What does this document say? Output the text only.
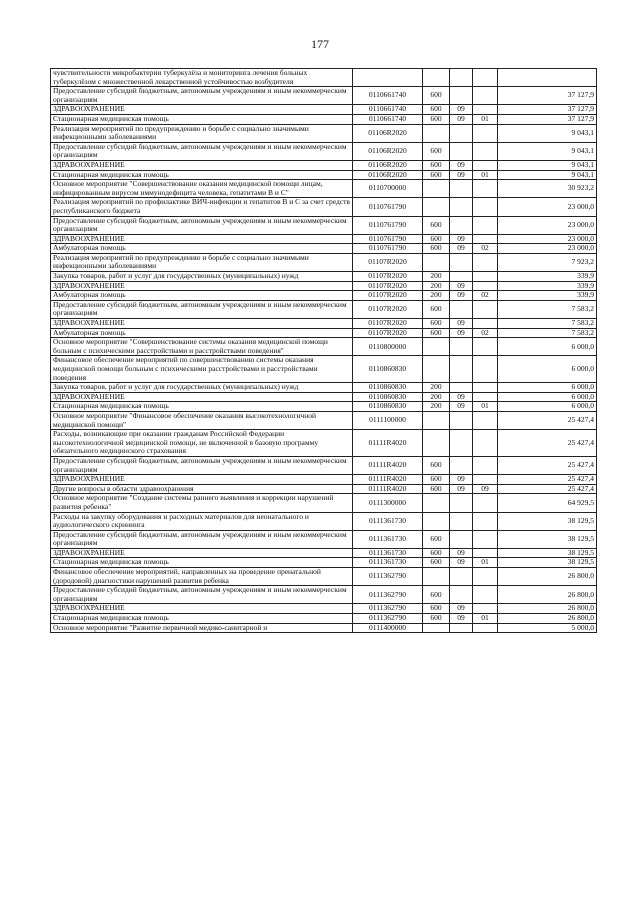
177
чувствительности микробактерии туберкулёза и мониторинга лечения больных туберкулёзом с множественной лекарственной устойчивостью возбудителя					
Предоставление субсидий бюджетным, автономным учреждениям и иным некоммерческим организациям	0110661740	600			37 127,9
ЗДРАВООХРАНЕНИЕ	0110661740	600	09		37 127,9
Стационарная медицинская помощь	0110661740	600	09	01	37 127,9
Реализация мероприятий по предупреждению и борьбе с социально значимыми инфекционными заболеваниями	01106R2020				9 043,1
Предоставление субсидий бюджетным, автономным учреждениям и иным некоммерческим организациям	01106R2020	600			9 043,1
ЗДРАВООХРАНЕНИЕ	01106R2020	600	09		9 043,1
Стационарная медицинская помощь	01106R2020	600	09	01	9 043,1
Основное мероприятие "Совершенствование оказания медицинской помощи лицам, инфицированным вирусом иммунодефицита человека, гепатитами В и С"	0110700000				30 923,2
Реализация мероприятий по профилактике ВИЧ-инфекции и гепатитов В и С за счет средств республиканского бюджета	0110761790				23 000,0
Предоставление субсидий бюджетным, автономным учреждениям и иным некоммерческим организациям	0110761790	600			23 000,0
ЗДРАВООХРАНЕНИЕ	0110761790	600	09		23 000,0
Амбулаторная помощь	0110761790	600	09	02	23 000,0
Реализация мероприятий по предупреждению и борьбе с социально значимыми инфекционными заболеваниями	01107R2020				7 923,2
Закупка товаров, работ и услуг для государственных (муниципальных) нужд	01107R2020	200			339,9
ЗДРАВООХРАНЕНИЕ	01107R2020	200	09		339,9
Амбулаторная помощь	01107R2020	200	09	02	339,9
Предоставление субсидий бюджетным, автономным учреждениям и иным некоммерческим организациям	01107R2020	600			7 583,2
ЗДРАВООХРАНЕНИЕ	01107R2020	600	09		7 583,2
Амбулаторная помощь	01107R2020	600	09	02	7 583,2
Основное мероприятие "Совершенствование системы оказания медицинской помощи больным с психическими расстройствами и расстройствами поведения"	0110800000				6 000,0
Финансовое обеспечение мероприятий по совершенствованию системы оказания медицинской помощи больным с психическими расстройствами и расстройствами поведения	0110860830				6 000,0
Закупка товаров, работ и услуг для государственных (муниципальных) нужд	0110860830	200			6 000,0
ЗДРАВООХРАНЕНИЕ	0110860830	200	09		6 000,0
Стационарная медицинская помощь	0110860830	200	09	01	6 000,0
Основное мероприятие "Финансовое обеспечение оказания высокотехнологичной медицинской помощи"	0111100000				25 427,4
Расходы, возникающие при оказании гражданам Российской Федерации высокотехнологичной медицинской помощи, не включенной в базовую программу обязательного медицинского страхования	01111R4020				25 427,4
Предоставление субсидий бюджетным, автономным учреждениям и иным некоммерческим организациям	01111R4020	600			25 427,4
ЗДРАВООХРАНЕНИЕ	01111R4020	600	09		25 427,4
Другие вопросы в области здравоохранения	01111R4020	600	09	09	25 427,4
Основное мероприятие "Создание системы раннего выявления и коррекции нарушений развития ребенка"	0111300000				64 929,5
Расходы на закупку оборудования и расходных материалов для неонатального и аудиологического скрининга	0111361730				38 129,5
Предоставление субсидий бюджетным, автономным учреждениям и иным некоммерческим организациям	0111361730	600			38 129,5
ЗДРАВООХРАНЕНИЕ	0111361730	600	09		38 129,5
Стационарная медицинская помощь	0111361730	600	09	01	38 129,5
Финансовое обеспечение мероприятий, направленных на проведение пренатальной (дородовой) диагностики нарушений развития ребенка	0111362790				26 800,0
Предоставление субсидий бюджетным, автономным учреждениям и иным некоммерческим организациям	0111362790	600			26 800,0
ЗДРАВООХРАНЕНИЕ	0111362790	600	09		26 800,0
Стационарная медицинская помощь	0111362790	600	09	01	26 800,0
Основное мероприятие "Развитие первичной медико-санитарной и	0111400000				5 000,0
